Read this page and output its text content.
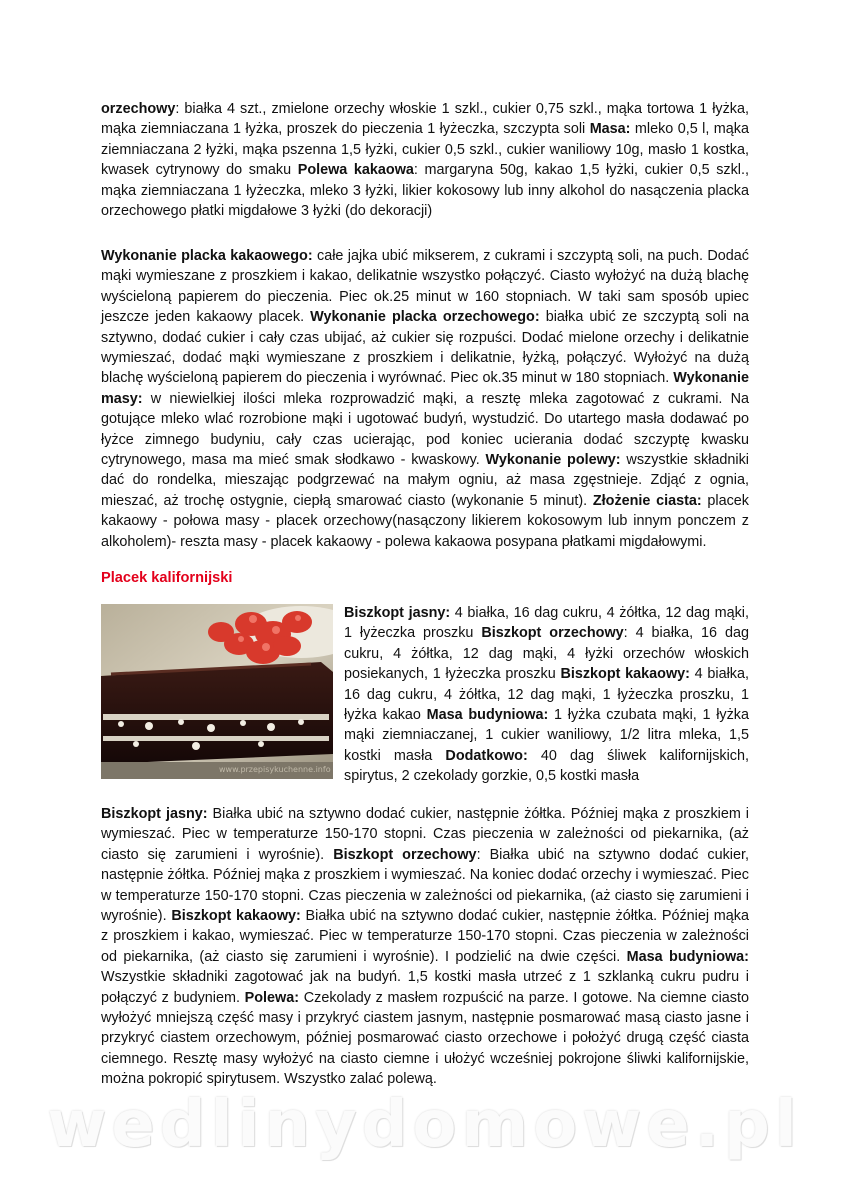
orzechowy: białka 4 szt., zmielone orzechy włoskie 1 szkl., cukier 0,75 szkl., mąka tortowa 1 łyżka, mąka ziemniaczana 1 łyżka, proszek do pieczenia 1 łyżeczka, szczypta soli Masa: mleko 0,5 l, mąka ziemniaczana 2 łyżki, mąka pszenna 1,5 łyżki, cukier 0,5 szkl., cukier waniliowy 10g, masło 1 kostka, kwasek cytrynowy do smaku Polewa kakaowa: margaryna 50g, kakao 1,5 łyżki, cukier 0,5 szkl., mąka ziemniaczana 1 łyżeczka, mleko 3 łyżki, likier kokosowy lub inny alkohol do nasączenia placka orzechowego płatki migdałowe 3 łyżki (do dekoracji)

Wykonanie placka kakaowego: całe jajka ubić mikserem, z cukrami i szczyptą soli, na puch. Dodać mąki wymieszane z proszkiem i kakao, delikatnie wszystko połączyć. Ciasto wyłożyć na dużą blachę wyścieloną papierem do pieczenia. Piec ok.25 minut w 160 stopniach. W taki sam sposób upiec jeszcze jeden kakaowy placek. Wykonanie placka orzechowego: białka ubić ze szczyptą soli na sztywno, dodać cukier i cały czas ubijać, aż cukier się rozpuści. Dodać mielone orzechy i delikatnie wymieszać, dodać mąki wymieszane z proszkiem i delikatnie, łyżką, połączyć. Wyłożyć na dużą blachę wyścieloną papierem do pieczenia i wyrównać. Piec ok.35 minut w 180 stopniach. Wykonanie masy: w niewielkiej ilości mleka rozprowadzić mąki, a resztę mleka zagotować z cukrami. Na gotujące mleko wlać rozrobione mąki i ugotować budyń, wystudzić. Do utartego masła dodawać po łyżce zimnego budyniu, cały czas ucierając, pod koniec ucierania dodać szczyptę kwasku cytrynowego, masa ma mieć smak słodkawo - kwaskowy. Wykonanie polewy: wszystkie składniki dać do rondelka, mieszając podgrzewać na małym ogniu, aż masa zgęstnieje. Zdjąć z ognia, mieszać, aż trochę ostygnie, ciepłą smarować ciasto (wykonanie 5 minut). Złożenie ciasta: placek kakaowy - połowa masy - placek orzechowy(nasączony likierem kokosowym lub innym ponczem z alkoholem)- reszta masy - placek kakaowy - polewa kakaowa posypana płatkami migdałowymi.

Placek kalifornijski
www.przepisykuchenne.info

Biszkopt jasny: 4 białka, 16 dag cukru, 4 żółtka, 12 dag mąki, 1 łyżeczka proszku Biszkopt orzechowy: 4 białka, 16 dag cukru, 4 żółtka, 12 dag mąki, 4 łyżki orzechów włoskich posiekanych, 1 łyżeczka proszku Biszkopt kakaowy: 4 białka, 16 dag cukru, 4 żółtka, 12 dag mąki, 1 łyżeczka proszku, 1 łyżka kakao Masa budyniowa: 1 łyżka czubata mąki, 1 łyżka mąki ziemniaczanej, 1 cukier waniliowy, 1/2 litra mleka, 1,5 kostki masła Dodatkowo: 40 dag śliwek kalifornijskich, spirytus, 2 czekolady gorzkie, 0,5 kostki masła

Biszkopt jasny: Białka ubić na sztywno dodać cukier, następnie żółtka. Później mąka z proszkiem i wymieszać. Piec w temperaturze 150-170 stopni. Czas pieczenia w zależności od piekarnika, (aż ciasto się zarumieni i wyrośnie). Biszkopt orzechowy: Białka ubić na sztywno dodać cukier, następnie żółtka. Później mąka z proszkiem i wymieszać. Na koniec dodać orzechy i wymieszać. Piec w temperaturze 150-170 stopni. Czas pieczenia w zależności od piekarnika, (aż ciasto się zarumieni i wyrośnie). Biszkopt kakaowy: Białka ubić na sztywno dodać cukier, następnie żółtka. Później mąka z proszkiem i kakao, wymieszać. Piec w temperaturze 150-170 stopni. Czas pieczenia w zależności od piekarnika, (aż ciasto się zarumieni i wyrośnie). I podzielić na dwie części. Masa budyniowa: Wszystkie składniki zagotować jak na budyń. 1,5 kostki masła utrzeć z 1 szklanką cukru pudru i połączyć z budyniem. Polewa: Czekolady z masłem rozpuścić na parze. I gotowe. Na ciemne ciasto wyłożyć mniejszą część masy i przykryć ciastem jasnym, następnie posmarować masą ciasto jasne i przykryć ciastem orzechowym, później posmarować ciasto orzechowe i położyć drugą część ciasta ciemnego. Resztę masy wyłożyć na ciasto ciemne i ułożyć wcześniej pokrojone śliwki kalifornijskie, można pokropić spirytusem. Wszystko zalać polewą.

wedlinydomowe.pl
